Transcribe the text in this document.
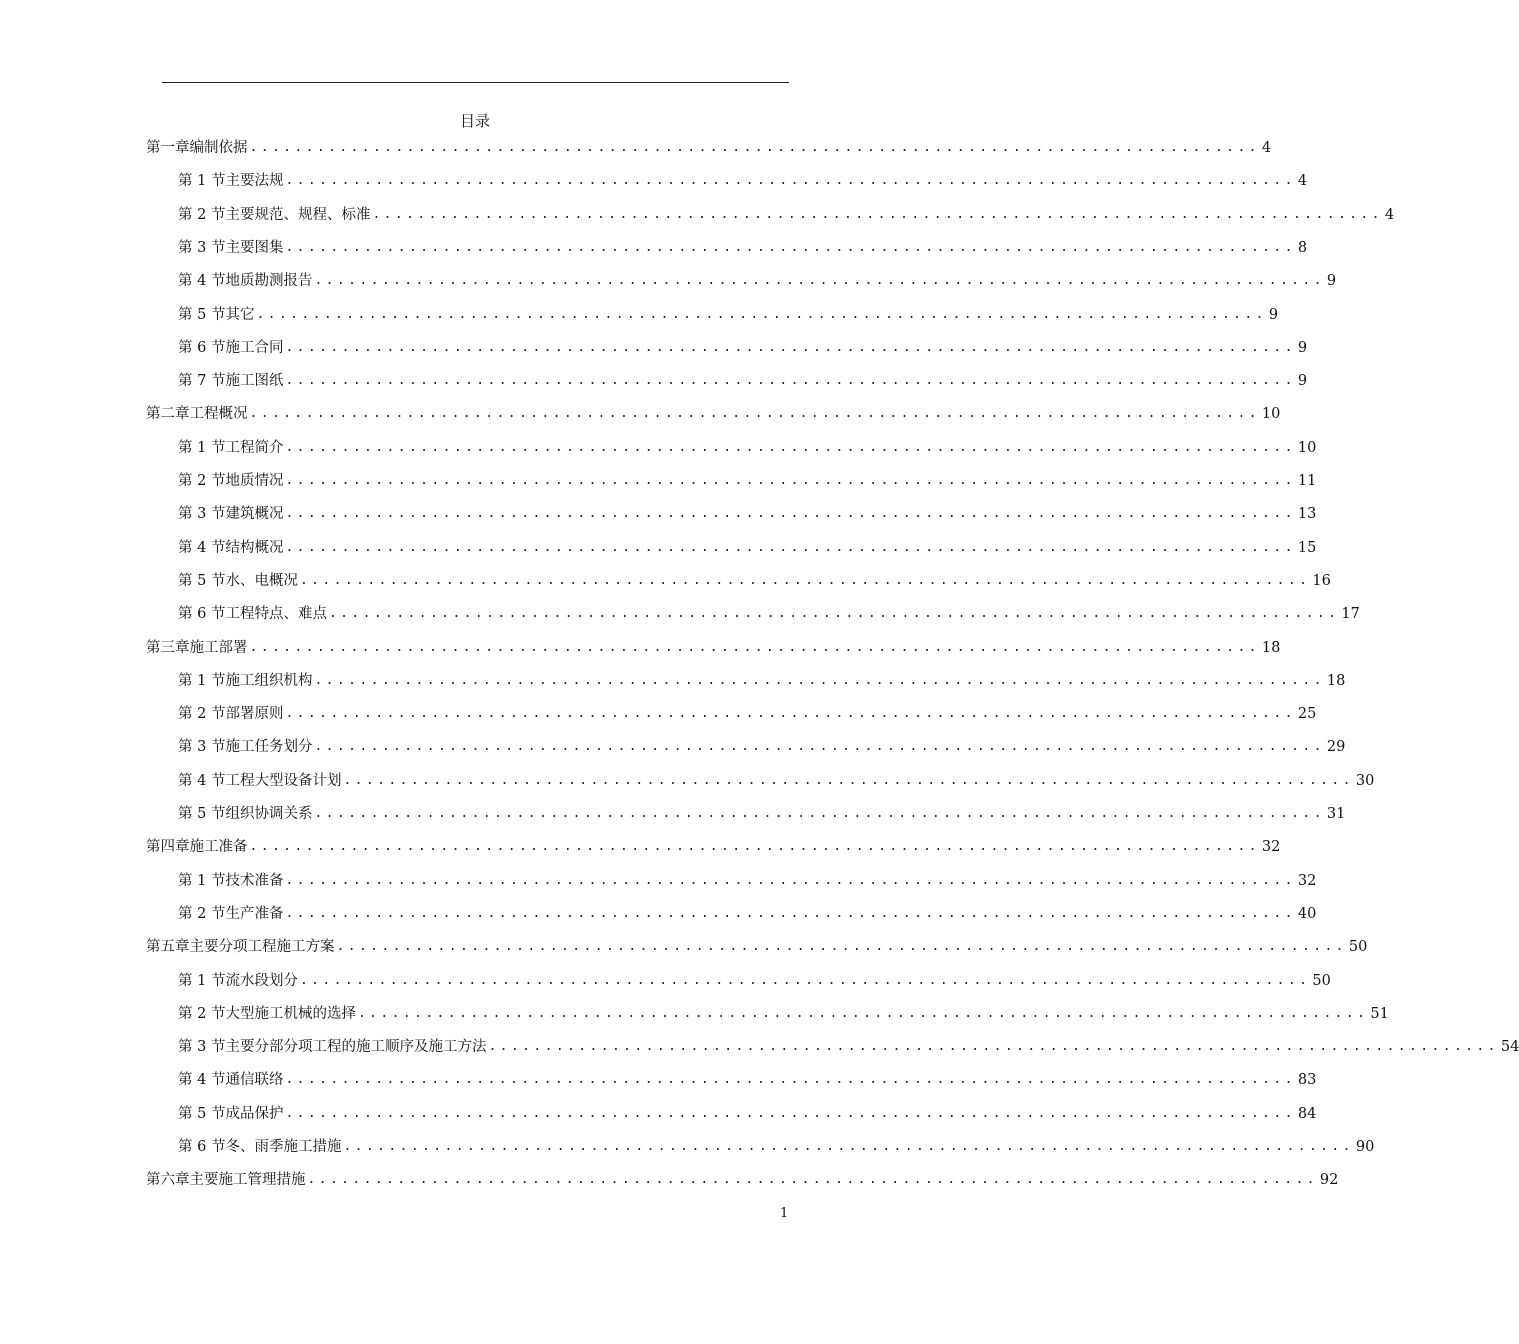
目录
第一章 编制依据 .......................................................................................... 4
第 1 节 主要法规 .......................................................................................... 4
第 2 节 主要规范、规程、标准 .......................................................................................... 4
第 3 节 主要图集 .......................................................................................... 8
第 4 节 地质勘测报告 .......................................................................................... 9
第 5 节 其它 .......................................................................................... 9
第 6 节 施工合同 .......................................................................................... 9
第 7 节 施工图纸 .......................................................................................... 9
第二章 工程概况 .......................................................................................... 10
第 1 节 工程简介 .......................................................................................... 10
第 2 节 地质情况 .......................................................................................... 11
第 3 节 建筑概况 .......................................................................................... 13
第 4 节 结构概况 .......................................................................................... 15
第 5 节 水、电概况 .......................................................................................... 16
第 6 节 工程特点、难点 .......................................................................................... 17
第三章 施工部署 .......................................................................................... 18
第 1 节 施工组织机构 .......................................................................................... 18
第 2 节 部署原则 .......................................................................................... 25
第 3 节 施工任务划分 .......................................................................................... 29
第 4 节 工程大型设备计划 .......................................................................................... 30
第 5 节 组织协调关系 .......................................................................................... 31
第四章 施工准备 .......................................................................................... 32
第 1 节 技术准备 .......................................................................................... 32
第 2 节 生产准备 .......................................................................................... 40
第五章 主要分项工程施工方案 .......................................................................................... 50
第 1 节 流水段划分 .......................................................................................... 50
第 2 节 大型施工机械的选择 .......................................................................................... 51
第 3 节 主要分部分项工程的施工顺序及施工方法 .......................................................................................... 54
第 4 节 通信联络 .......................................................................................... 83
第 5 节 成品保护 .......................................................................................... 84
第 6 节 冬、雨季施工措施 .......................................................................................... 90
第六章 主要施工管理措施 .......................................................................................... 92
1
